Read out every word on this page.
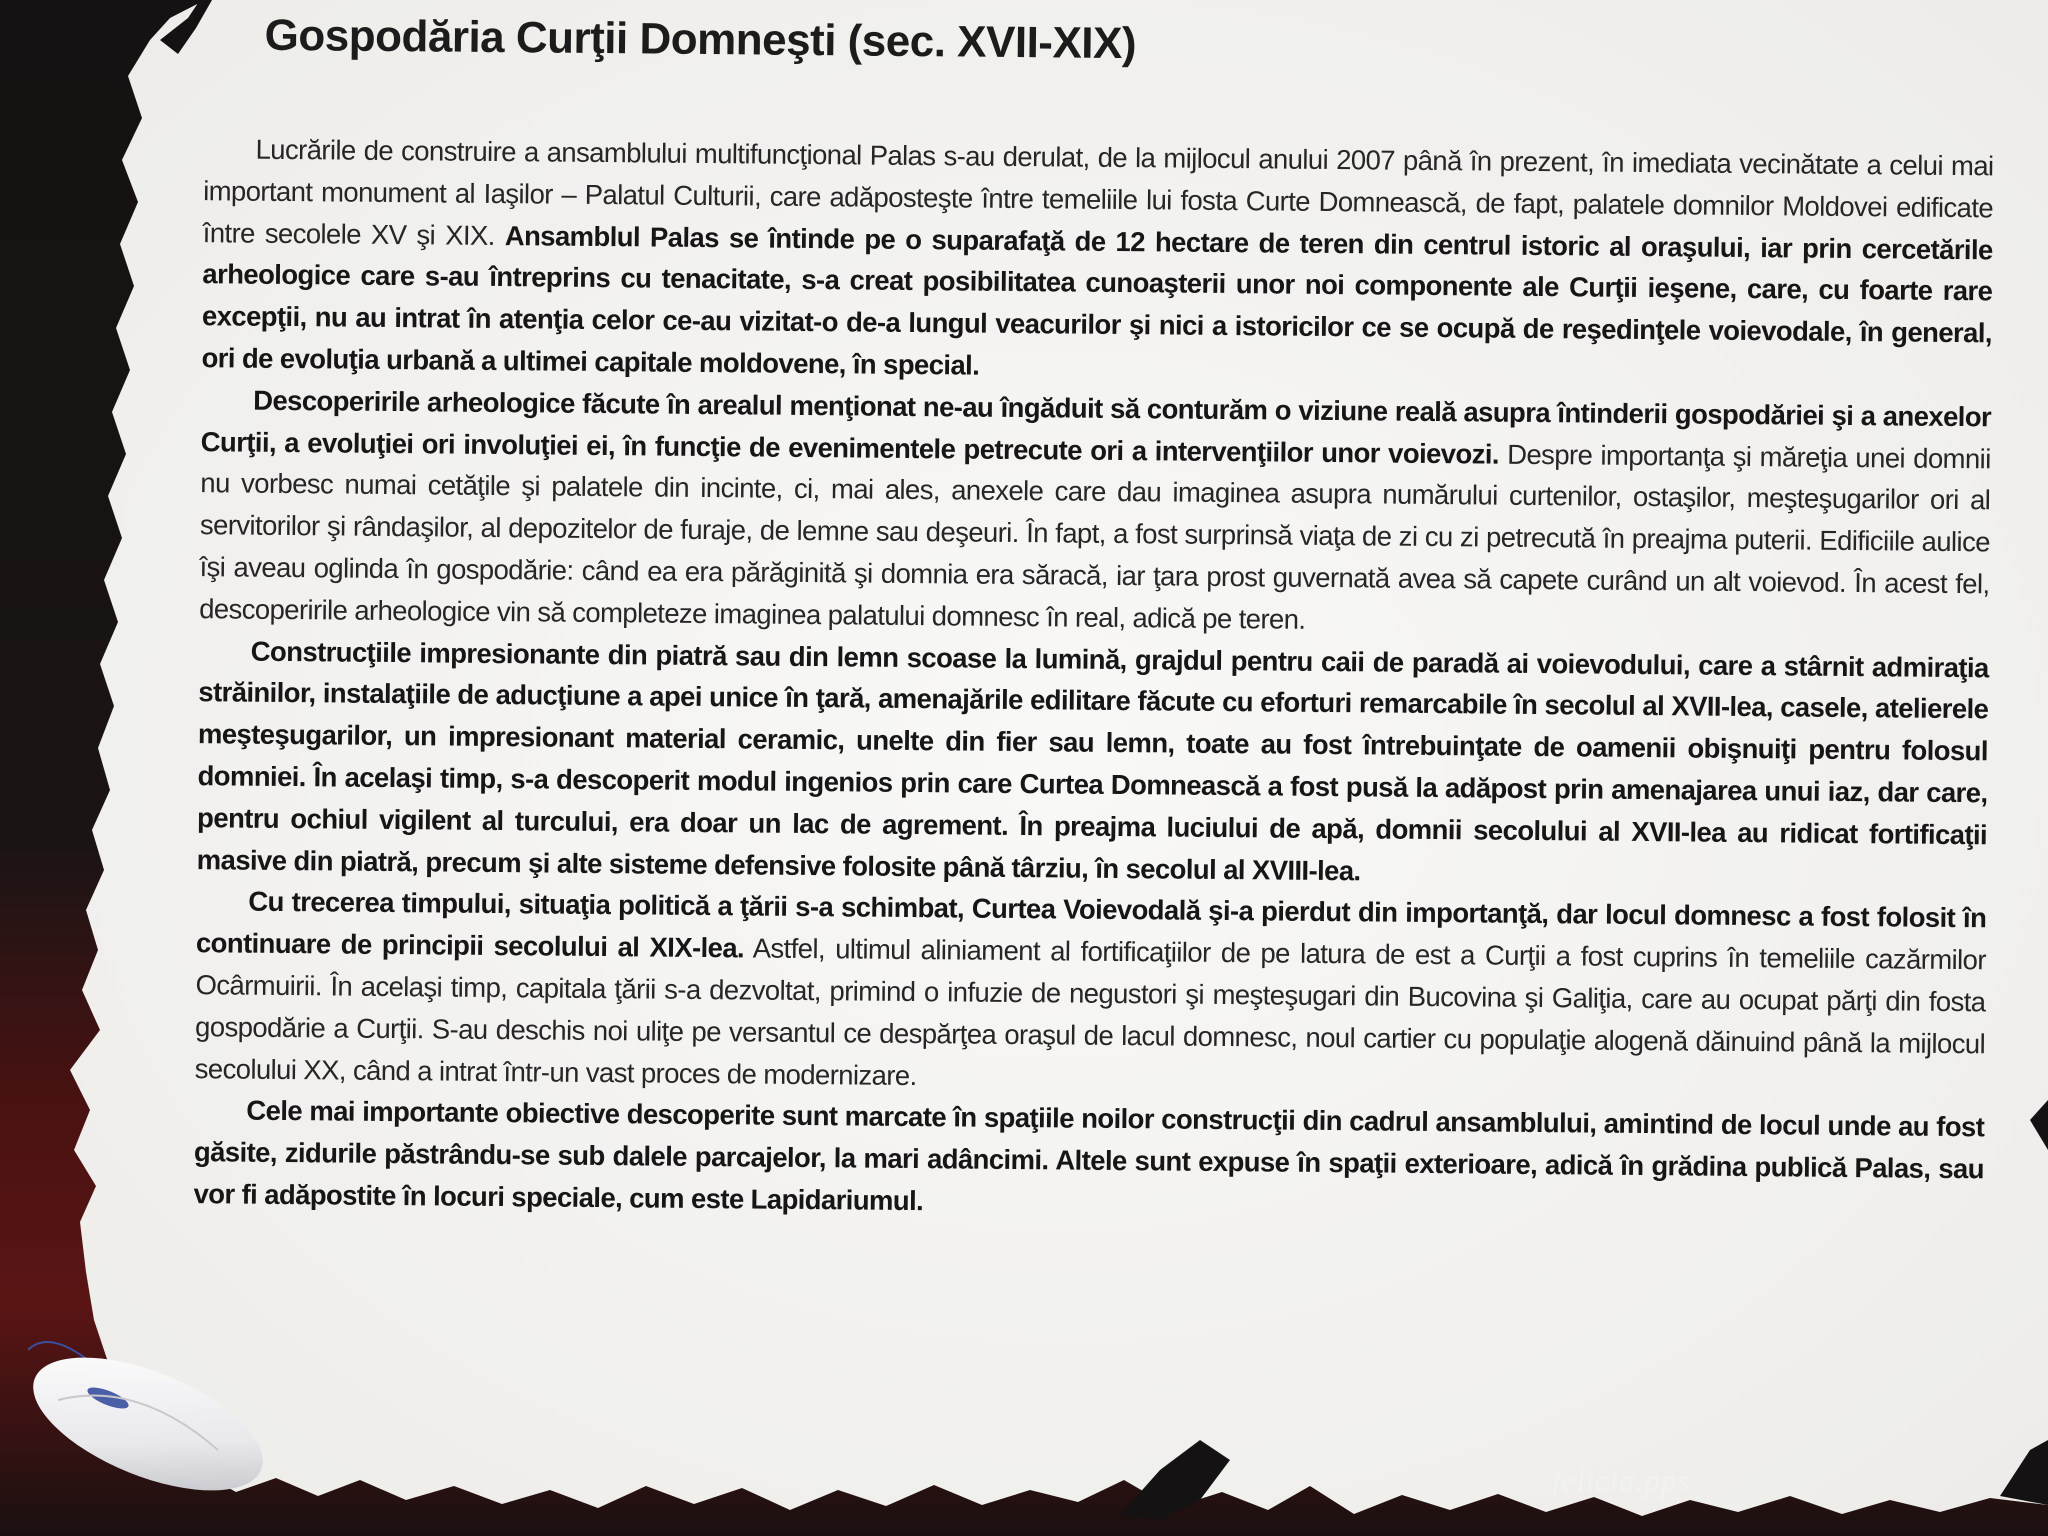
Gospodăria Curţii Domneşti (sec. XVII-XIX)

Lucrările de construire a ansamblului multifuncţional Palas s-au derulat, de la mijlocul anului 2007 până în prezent, în imediata vecinătate a celui mai important monument al Iaşilor – Palatul Culturii, care adăposteşte între temeliile lui fosta Curte Domnească, de fapt, palatele domnilor Moldovei edificate între secolele XV şi XIX. Ansamblul Palas se întinde pe o suparafaţă de 12 hectare de teren din centrul istoric al oraşului, iar prin cercetările arheologice care s-au întreprins cu tenacitate, s-a creat posibilitatea cunoaşterii unor noi componente ale Curţii ieşene, care, cu foarte rare excepţii, nu au intrat în atenţia celor ce-au vizitat-o de-a lungul veacurilor şi nici a istoricilor ce se ocupă de reşedinţele voievodale, în general, ori de evoluţia urbană a ultimei capitale moldovene, în special.

Descoperirile arheologice făcute în arealul menţionat ne-au îngăduit să conturăm o viziune reală asupra întinderii gospodăriei şi a anexelor Curţii, a evoluţiei ori involuţiei ei, în funcţie de evenimentele petrecute ori a intervenţiilor unor voievozi. Despre importanţa şi măreţia unei domnii nu vorbesc numai cetăţile şi palatele din incinte, ci, mai ales, anexele care dau imaginea asupra numărului curtenilor, ostaşilor, meşteşugarilor ori al servitorilor şi rândaşilor, al depozitelor de furaje, de lemne sau deşeuri. În fapt, a fost surprinsă viaţa de zi cu zi petrecută în preajma puterii. Edificiile aulice îşi aveau oglinda în gospodărie: când ea era părăginită şi domnia era săracă, iar ţara prost guvernată avea să capete curând un alt voievod. În acest fel, descoperirile arheologice vin să completeze imaginea palatului domnesc în real, adică pe teren.

Construcţiile impresionante din piatră sau din lemn scoase la lumină, grajdul pentru caii de paradă ai voievodului, care a stârnit admiraţia străinilor, instalaţiile de aducţiune a apei unice în ţară, amenajările edilitare făcute cu eforturi remarcabile în secolul al XVII-lea, casele, atelierele meşteşugarilor, un impresionant material ceramic, unelte din fier sau lemn, toate au fost întrebuinţate de oamenii obişnuiţi pentru folosul domniei. În acelaşi timp, s-a descoperit modul ingenios prin care Curtea Domnească a fost pusă la adăpost prin amenajarea unui iaz, dar care, pentru ochiul vigilent al turcului, era doar un lac de agrement. În preajma luciului de apă, domnii secolului al XVII-lea au ridicat fortificaţii masive din piatră, precum şi alte sisteme defensive folosite până târziu, în secolul al XVIII-lea.

Cu trecerea timpului, situaţia politică a ţării s-a schimbat, Curtea Voievodală şi-a pierdut din importanţă, dar locul domnesc a fost folosit în continuare de principii secolului al XIX-lea. Astfel, ultimul aliniament al fortificaţiilor de pe latura de est a Curţii a fost cuprins în temeliile cazărmilor Ocârmuirii. În acelaşi timp, capitala ţării s-a dezvoltat, primind o infuzie de negustori şi meşteşugari din Bucovina şi Galiţia, care au ocupat părţi din fosta gospodărie a Curţii. S-au deschis noi uliţe pe versantul ce despărţea oraşul de lacul domnesc, noul cartier cu populaţie alogenă dăinuind până la mijlocul secolului XX, când a intrat într-un vast proces de modernizare.

Cele mai importante obiective descoperite sunt marcate în spaţiile noilor construcţii din cadrul ansamblului, amintind de locul unde au fost găsite, zidurile păstrându-se sub dalele parcajelor, la mari adâncimi. Altele sunt expuse în spaţii exterioare, adică în grădina publică Palas, sau vor fi adăpostite în locuri speciale, cum este Lapidariumul.

felicia.pps
